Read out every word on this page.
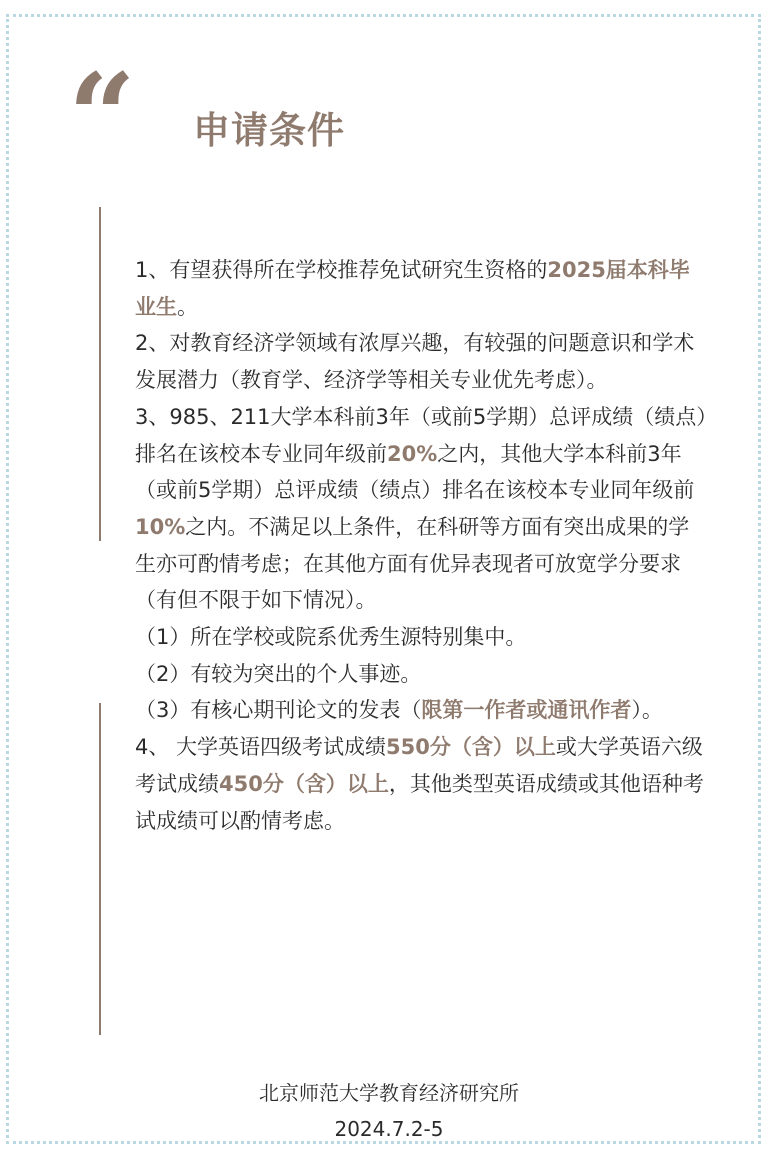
“ 申请条件

1、有望获得所在学校推荐免试研究生资格的2025届本科毕业生。

2、对教育经济学领域有浓厚兴趣，有较强的问题意识和学术发展潜力（教育学、经济学等相关专业优先考虑）。

3、985、211大学本科前3年（或前5学期）总评成绩（绩点）排名在该校本专业同年级前20%之内，其他大学本科前3年（或前5学期）总评成绩（绩点）排名在该校本专业同年级前10%之内。不满足以上条件，在科研等方面有突出成果的学生亦可酌情考虑；在其他方面有优异表现者可放宽学分要求（有但不限于如下情况）。

（1）所在学校或院系优秀生源特别集中。

（2）有较为突出的个人事迹。

（3）有核心期刊论文的发表（限第一作者或通讯作者）。

4、 大学英语四级考试成绩550分（含）以上或大学英语六级考试成绩450分（含）以上，其他类型英语成绩或其他语种考试成绩可以酌情考虑。

北京师范大学教育经济研究所
2024.7.2-5
